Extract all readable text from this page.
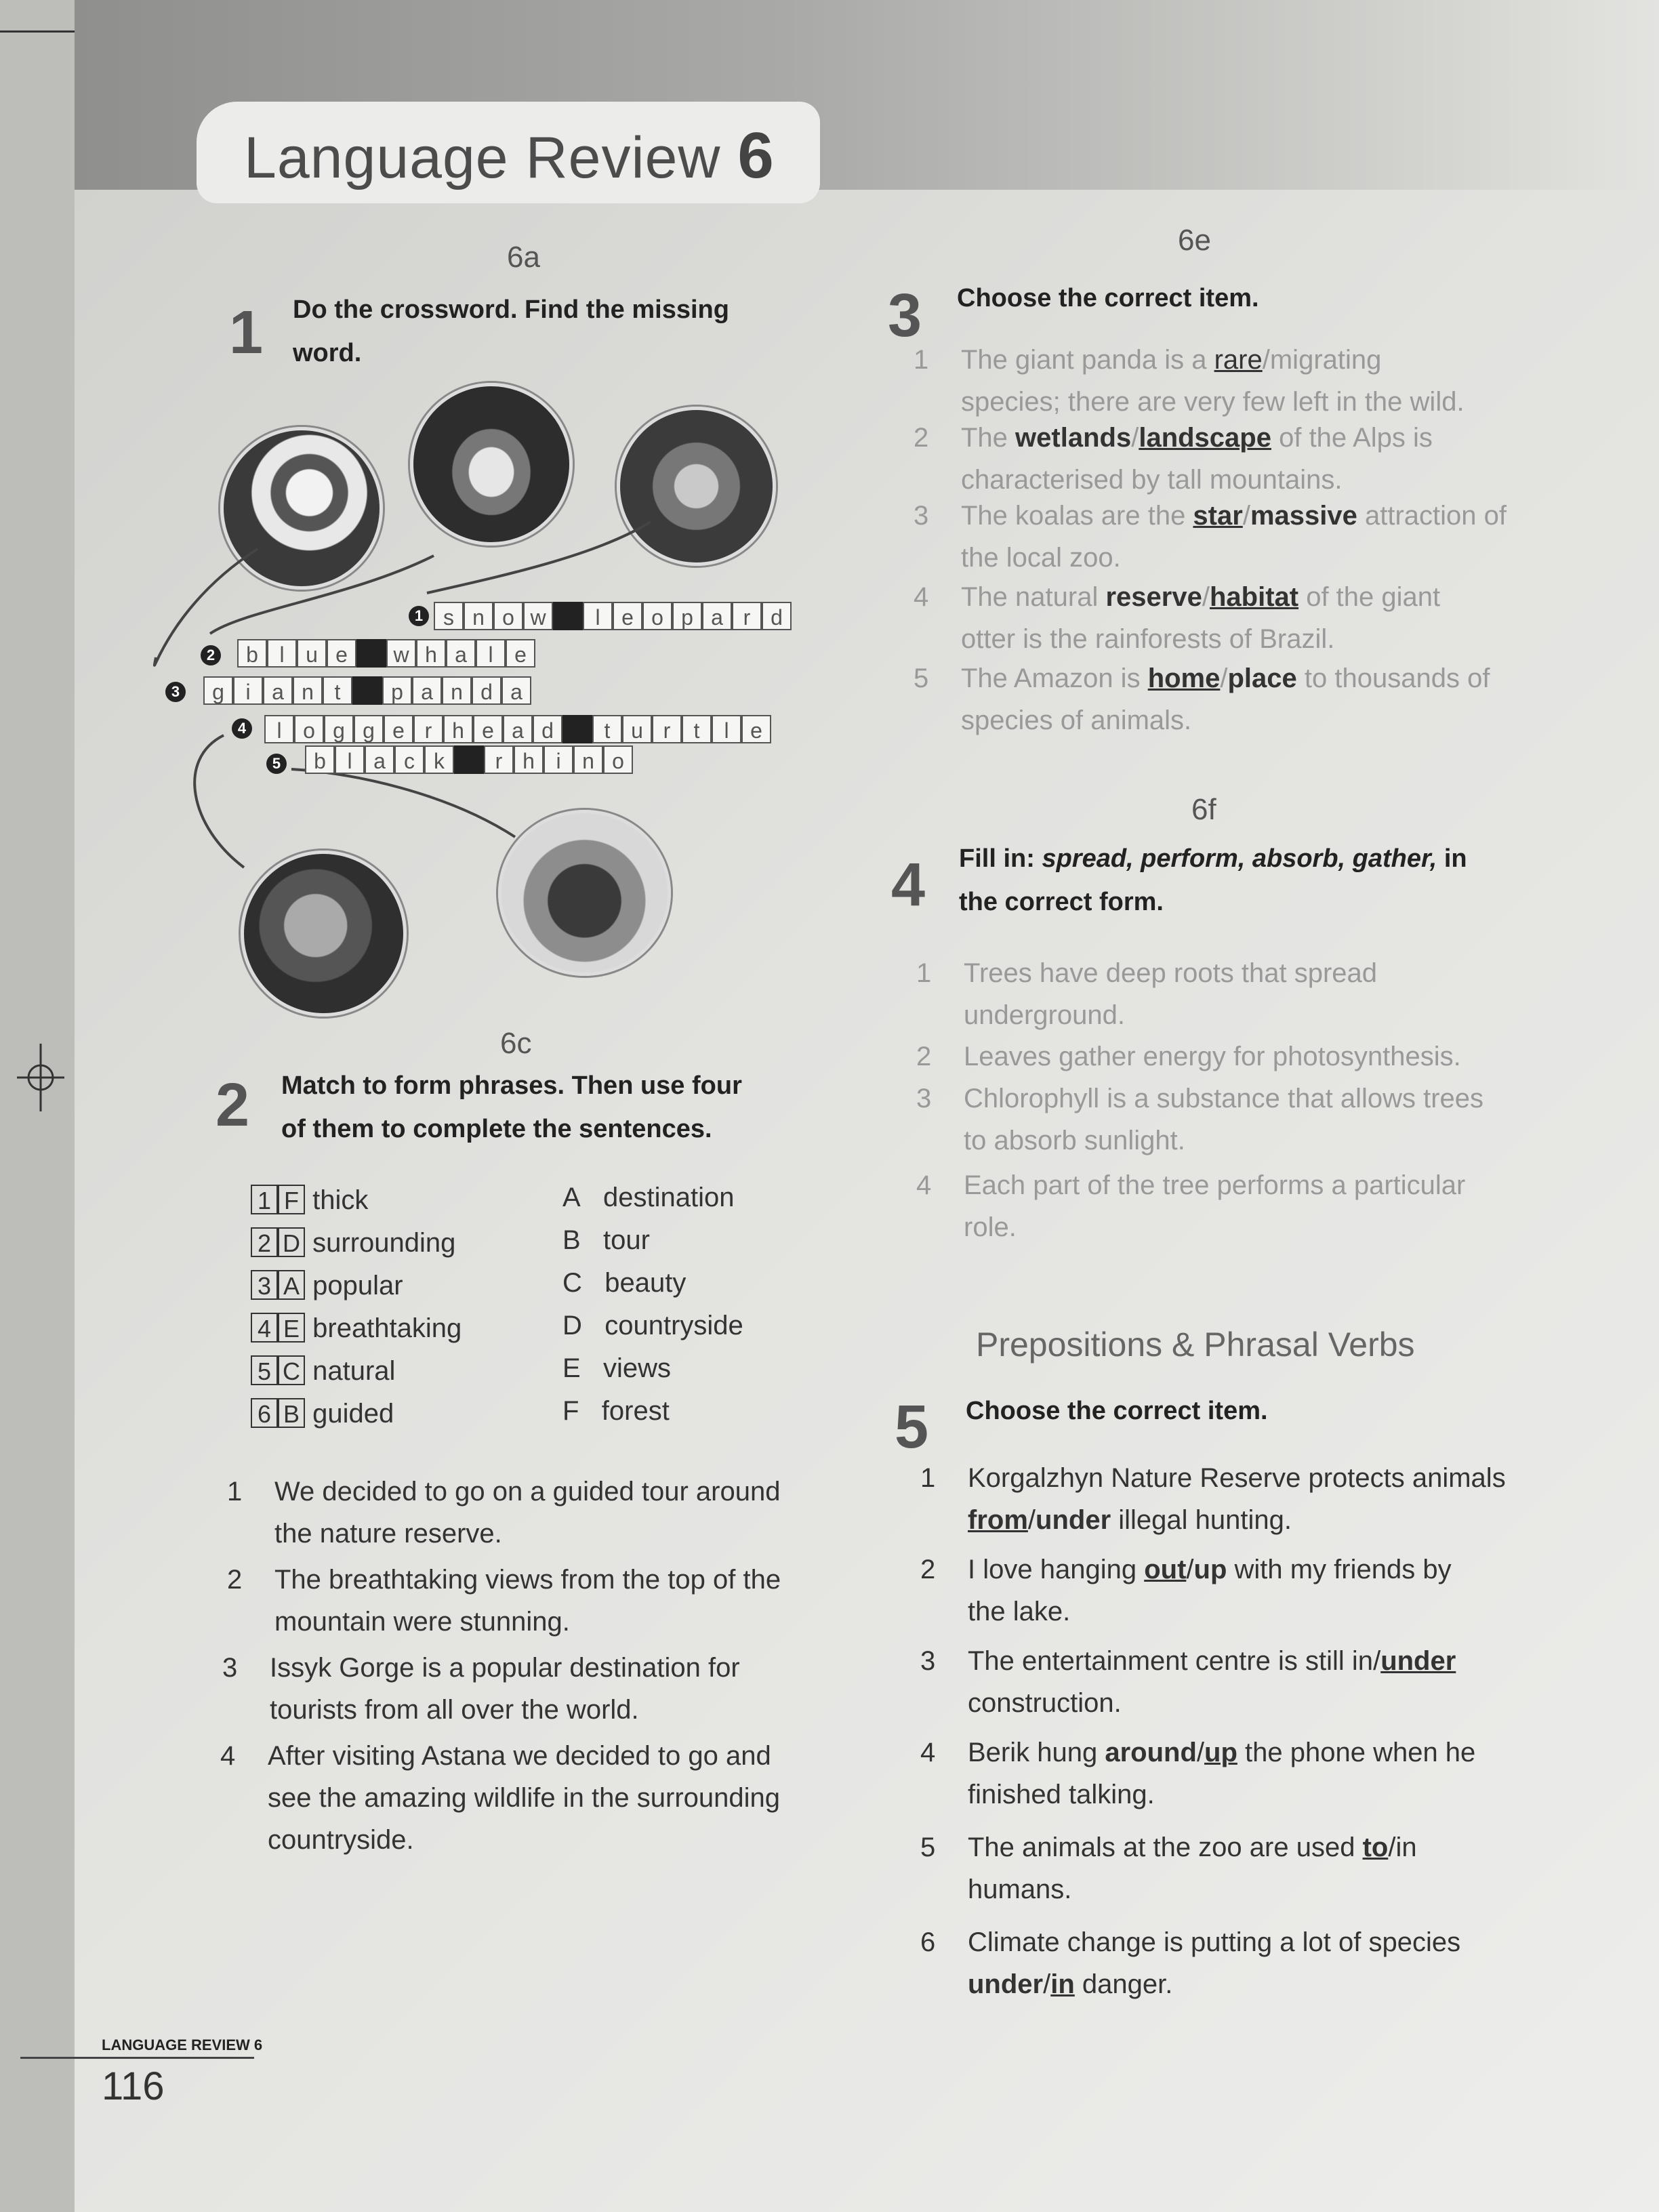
Language Review 6
6a
1 Do the crossword. Find the missing
word.
s n o w	l e o p a r d
1
b l u e	w h a l e
2
g i a n t	p a n d a
3
l o g g e r h e a d	t u r	t	l e
4
b l a c k	r h i n o
5
6c
2 Match to form phrases. Then use four
of them to complete the sentences.
1 F thick
2 D surrounding
3 A popular
4 E breathtaking
5 C natural
6 B guided
A destination
B tour
C beauty
D countryside
E views
F forest
1 We decided to go on a guided tour around
the nature reserve.
2 The breathtaking views from the top of the
mountain were stunning.
3 Issyk Gorge is a popular destination for
tourists from all over the world.
4 After visiting Astana we decided to go and
see the amazing wildlife in the surrounding
countryside.
6e
3 Choose the correct item.
1 The giant panda is a rare/migrating
species; there are very few left in the wild.
2 The wetlands/landscape of the Alps is
characterised by tall mountains.
3 The koalas are the star/massive attraction of
the local zoo.
4 The natural reserve/habitat of the giant
otter is the rainforests of Brazil.
5 The Amazon is home/place to thousands of
species of animals.
6f
4 Fill in: spread, perform, absorb, gather, in
the correct form.
1 Trees have deep roots that spread
underground.
2 Leaves gather energy for photosynthesis.
3 Chlorophyll is a substance that allows trees
to absorb sunlight.
4 Each part of the tree performs a particular
role.
Prepositions & Phrasal Verbs
5 Choose the correct item.
1 Korgalzhyn Nature Reserve protects animals
from/under illegal hunting.
2 I love hanging out/up with my friends by
the lake.
3 The entertainment centre is still in/under
construction.
4 Berik hung around/up the phone when he
finished talking.
5 The animals at the zoo are used to/in
humans.
6 Climate change is putting a lot of species
under/in danger.
LANGUAGE REVIEW 6
116
